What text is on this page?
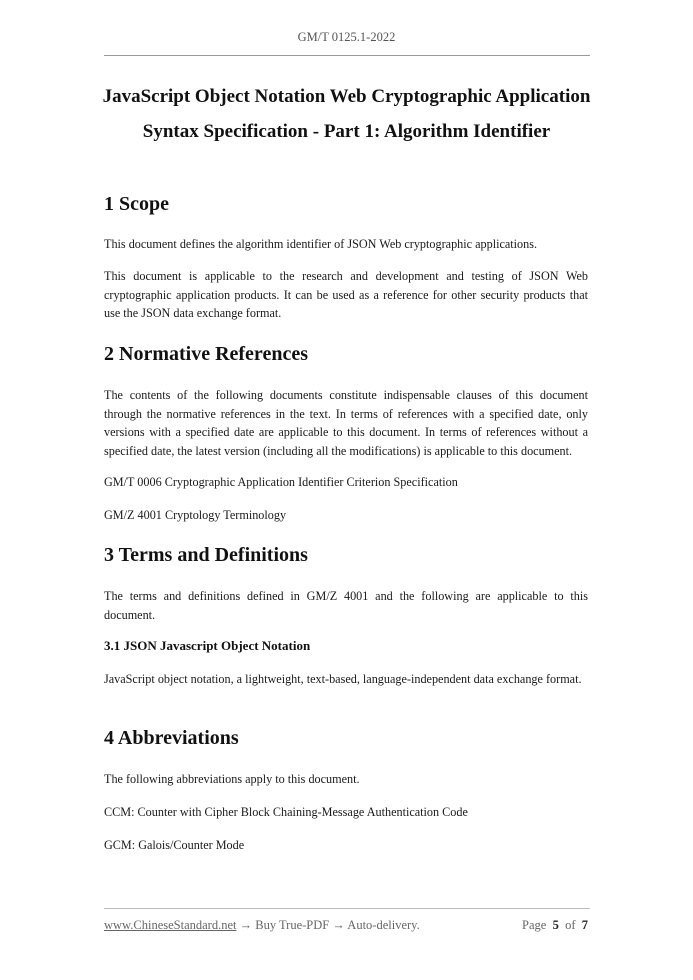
GM/T 0125.1-2022
JavaScript Object Notation Web Cryptographic Application
Syntax Specification - Part 1: Algorithm Identifier
1 Scope

This document defines the algorithm identifier of JSON Web cryptographic applications.

This document is applicable to the research and development and testing of JSON Web cryptographic application products. It can be used as a reference for other security products that use the JSON data exchange format.

2 Normative References

The contents of the following documents constitute indispensable clauses of this document through the normative references in the text. In terms of references with a specified date, only versions with a specified date are applicable to this document. In terms of references without a specified date, the latest version (including all the modifications) is applicable to this document.

GM/T 0006 Cryptographic Application Identifier Criterion Specification

GM/Z 4001 Cryptology Terminology

3 Terms and Definitions

The terms and definitions defined in GM/Z 4001 and the following are applicable to this document.

3.1 JSON Javascript Object Notation

JavaScript object notation, a lightweight, text-based, language-independent data exchange format.

4 Abbreviations

The following abbreviations apply to this document.

CCM: Counter with Cipher Block Chaining-Message Authentication Code

GCM: Galois/Counter Mode

www.ChineseStandard.net → Buy True-PDF → Auto-delivery.	Page 5 of 7
